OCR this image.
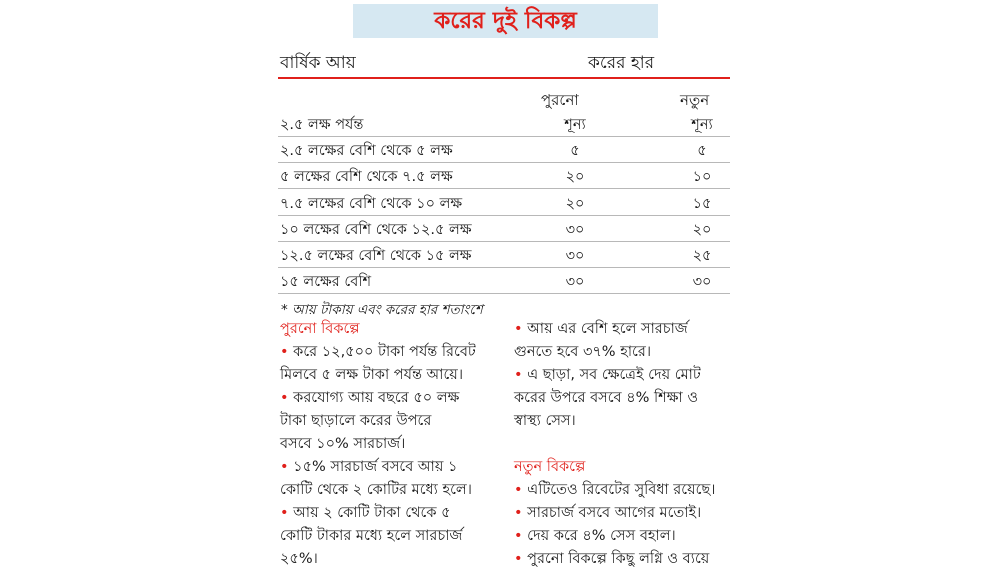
করের দুই বিকল্প
বার্ষিক আয়	করের হার
পুরনো	নতুন
২.৫ লক্ষ পর্যন্ত	শূন্য	শূন্য
২.৫ লক্ষের বেশি থেকে ৫ লক্ষ	৫	৫
৫ লক্ষের বেশি থেকে ৭.৫ লক্ষ	২০	১০
৭.৫ লক্ষের বেশি থেকে ১০ লক্ষ	২০	১৫
১০ লক্ষের বেশি থেকে ১২.৫ লক্ষ	৩০	২০
১২.৫ লক্ষের বেশি থেকে ১৫ লক্ষ	৩০	২৫
১৫ লক্ষের বেশি	৩০	৩০
* আয় টাকায় এবং করের হার শতাংশে
পুরনো বিকল্পে

• করে ১২,৫০০ টাকা পর্যন্ত রিবেট

মিলবে ৫ লক্ষ টাকা পর্যন্ত আয়ে।

• করযোগ্য আয় বছরে ৫০ লক্ষ

টাকা ছাড়ালে করের উপরে

বসবে ১০% সারচার্জ।

• ১৫% সারচার্জ বসবে আয় ১

কোটি থেকে ২ কোটির মধ্যে হলে।

• আয় ২ কোটি টাকা থেকে ৫

কোটি টাকার মধ্যে হলে সারচার্জ

২৫%।

• আয় এর বেশি হলে সারচার্জ

গুনতে হবে ৩৭% হারে।

• এ ছাড়া, সব ক্ষেত্রেই দেয় মোট

করের উপরে বসবে ৪% শিক্ষা ও

স্বাস্থ্য সেস।

নতুন বিকল্পে

• এটিতেও রিবেটের সুবিধা রয়েছে।

• সারচার্জ বসবে আগের মতোই।

• দেয় করে ৪% সেস বহাল।

• পুরনো বিকল্পে কিছু লগ্নি ও ব্যয়ে
